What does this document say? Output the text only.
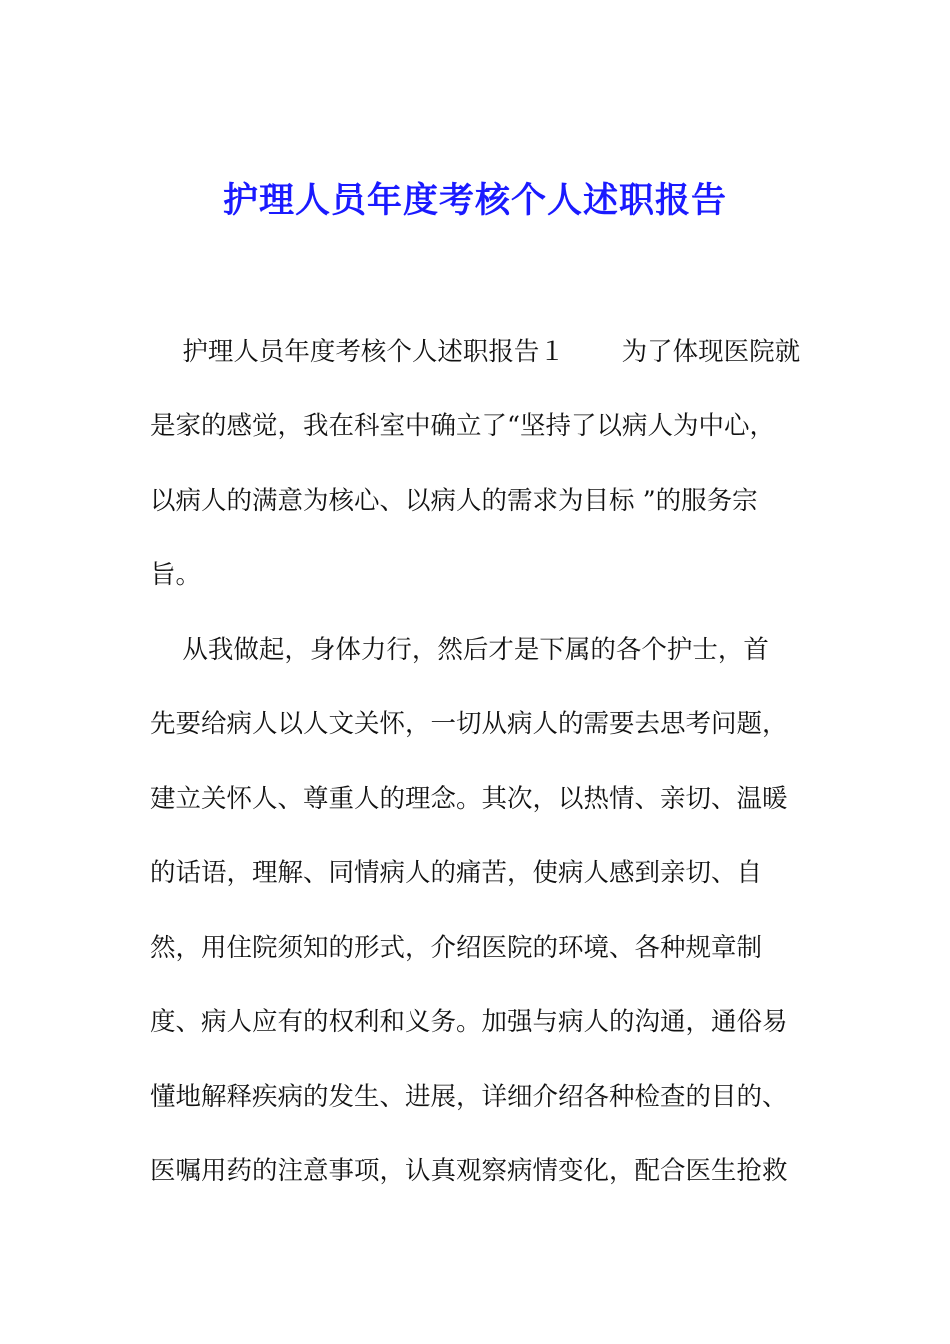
护理人员年度考核个人述职报告
护理人员年度考核个人述职报告１       为了体现医院就
是家的感觉，我在科室中确立了“坚持了以病人为中心，
以病人的满意为核心、以病人的需求为目标 ”的服务宗
旨。
从我做起，身体力行，然后才是下属的各个护士，首
先要给病人以人文关怀，一切从病人的需要去思考问题，
建立关怀人、尊重人的理念。其次，以热情、亲切、温暖
的话语，理解、同情病人的痛苦，使病人感到亲切、自
然，用住院须知的形式，介绍医院的环境、各种规章制
度、病人应有的权利和义务。加强与病人的沟通，通俗易
懂地解释疾病的发生、进展，详细介绍各种检查的目的、
医嘱用药的注意事项，认真观察病情变化，配合医生抢救
